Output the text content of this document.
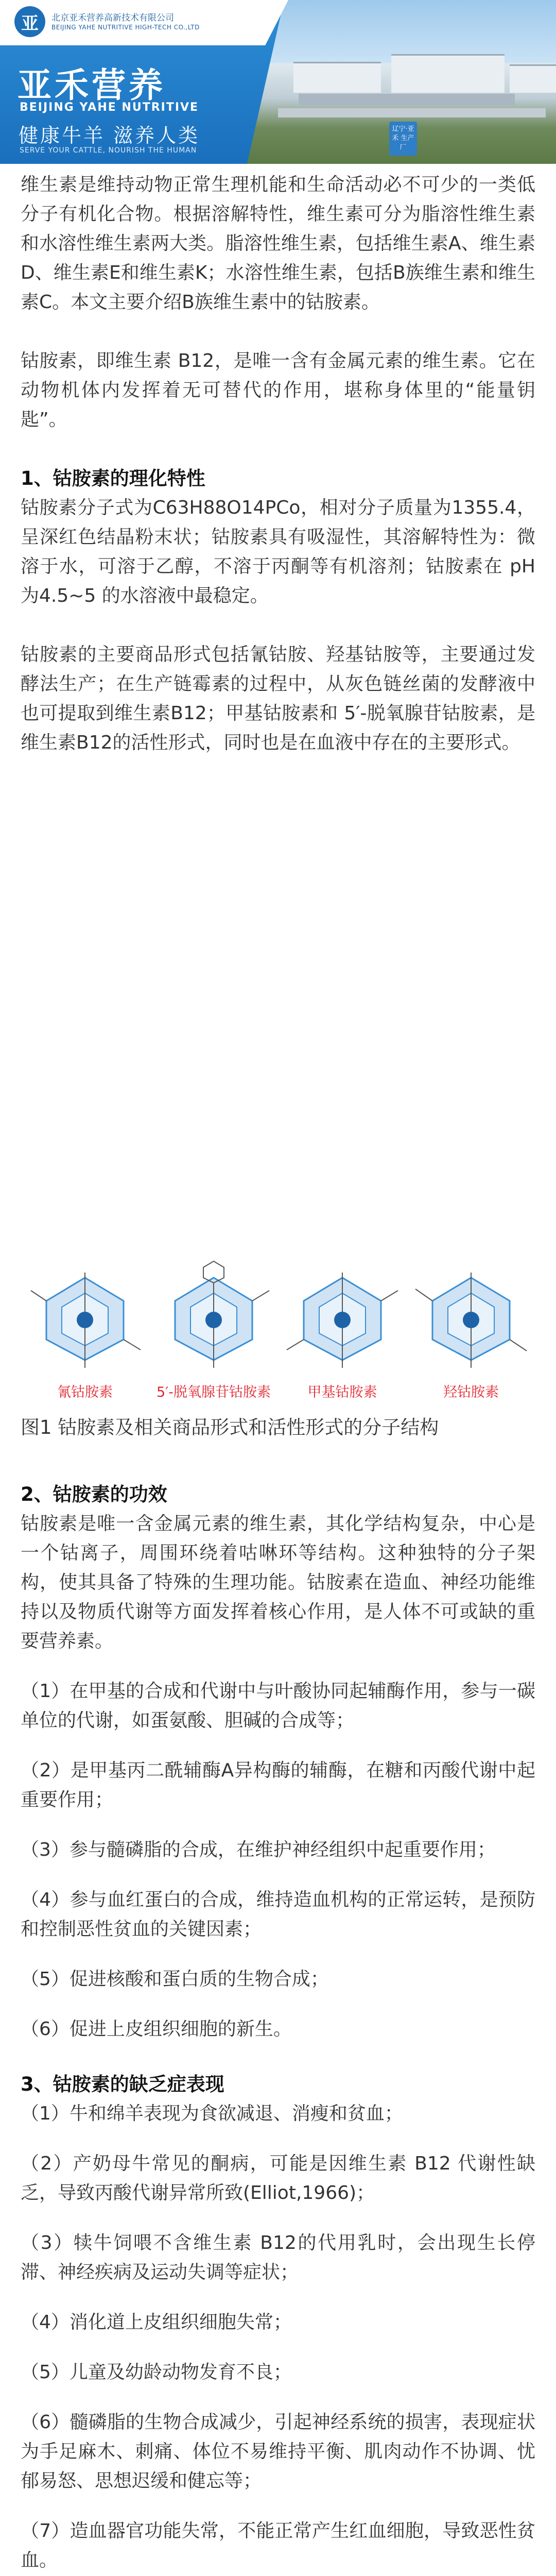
亚	北京亚禾营养高新技术有限公司
BEIJING YAHE NUTRITIVE HIGH-TECH CO.,LTD
亚禾营养
BEIJING YAHE NUTRITIVE
健康牛羊 滋养人类
SERVE YOUR CATTLE, NOURISH THE HUMAN
辽宁·亚禾 生产厂

维生素是维持动物正常生理机能和生命活动必不可少的一类低分子有机化合物。根据溶解特性，维生素可分为脂溶性维生素和水溶性维生素两大类。脂溶性维生素，包括维生素A、维生素D、维生素E和维生素K；水溶性维生素，包括B族维生素和维生素C。本文主要介绍B族维生素中的钴胺素。

钴胺素，即维生素 B12，是唯一含有金属元素的维生素。它在动物机体内发挥着无可替代的作用，堪称身体里的“能量钥匙”。

1、钴胺素的理化特性

钴胺素分子式为C63H88O14PCo，相对分子质量为1355.4，呈深红色结晶粉末状；钴胺素具有吸湿性，其溶解特性为：微溶于水，可溶于乙醇，不溶于丙酮等有机溶剂；钴胺素在 pH 为4.5~5 的水溶液中最稳定。

钴胺素的主要商品形式包括氰钴胺、羟基钴胺等，主要通过发酵法生产；在生产链霉素的过程中，从灰色链丝菌的发酵液中也可提取到维生素B12；甲基钴胺素和 5′-脱氧腺苷钴胺素，是维生素B12的活性形式，同时也是在血液中存在的主要形式。

氰钴胺素	5′-脱氧腺苷钴胺素	甲基钴胺素	羟钴胺素
图1 钴胺素及相关商品形式和活性形式的分子结构

2、钴胺素的功效

钴胺素是唯一含金属元素的维生素，其化学结构复杂，中心是一个钴离子，周围环绕着咕啉环等结构。这种独特的分子架构，使其具备了特殊的生理功能。钴胺素在造血、神经功能维持以及物质代谢等方面发挥着核心作用，是人体不可或缺的重要营养素。

（1）在甲基的合成和代谢中与叶酸协同起辅酶作用，参与一碳单位的代谢，如蛋氨酸、胆碱的合成等；

（2）是甲基丙二酰辅酶A异构酶的辅酶，在糖和丙酸代谢中起重要作用；

（3）参与髓磷脂的合成，在维护神经组织中起重要作用；

（4）参与血红蛋白的合成，维持造血机构的正常运转，是预防和控制恶性贫血的关键因素；

（5）促进核酸和蛋白质的生物合成；

（6）促进上皮组织细胞的新生。

3、钴胺素的缺乏症表现

（1）牛和绵羊表现为食欲减退、消瘦和贫血；

（2）产奶母牛常见的酮病，可能是因维生素 B12 代谢性缺乏，导致丙酸代谢异常所致(Elliot,1966)；

（3）犊牛饲喂不含维生素 B12的代用乳时，会出现生长停滞、神经疾病及运动失调等症状；

（4）消化道上皮组织细胞失常；

（5）儿童及幼龄动物发育不良；

（6）髓磷脂的生物合成减少，引起神经系统的损害，表现症状为手足麻木、刺痛、体位不易维持平衡、肌肉动作不协调、忧郁易怒、思想迟缓和健忘等；

（7）造血器官功能失常，不能正常产生红血细胞，导致恶性贫血。
